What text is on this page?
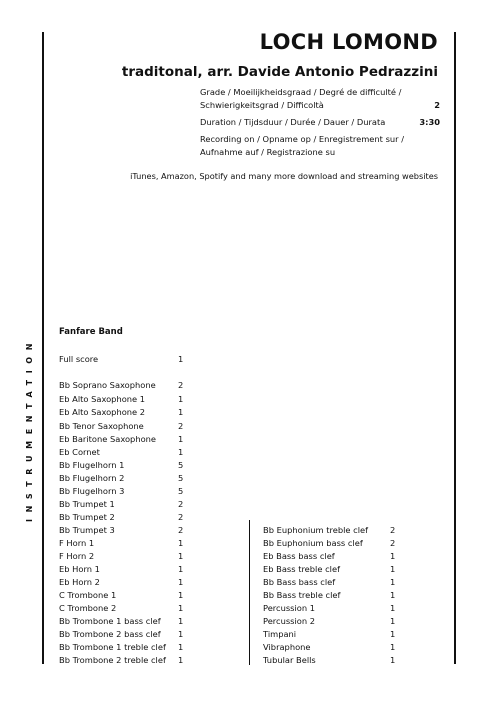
LOCH LOMOND
traditonal, arr. Davide Antonio Pedrazzini
Grade / Moeilijkheidsgraad / Degré de difficulté / Schwierigkeitsgrad / Difficoltà	2
Duration / Tijdsduur / Durée / Dauer / Durata	3:30
Recording on / Opname op / Enregistrement sur / Aufnahme auf / Registrazione su
iTunes, Amazon, Spotify and many more download and streaming websites
INSTRUMENTATION
Fanfare Band
Full score	1
Bb Soprano Saxophone	2
Eb Alto Saxophone 1	1
Eb Alto Saxophone 2	1
Bb Tenor Saxophone	2
Eb Baritone Saxophone	1
Eb Cornet	1
Bb Flugelhorn 1	5
Bb Flugelhorn 2	5
Bb Flugelhorn 3	5
Bb Trumpet 1	2
Bb Trumpet 2	2
Bb Trumpet 3	2
F Horn 1	1
F Horn 2	1
Eb Horn 1	1
Eb Horn 2	1
C Trombone 1	1
C Trombone 2	1
Bb Trombone 1 bass clef 1
Bb Trombone 2 bass clef 1
Bb Trombone 1 treble clef 1
Bb Trombone 2 treble clef 1
Bb Euphonium treble clef	2
Bb Euphonium bass clef	2
Eb Bass bass clef	1
Eb Bass treble clef	1
Bb Bass bass clef	1
Bb Bass treble clef	1
Percussion 1	1
Percussion 2	1
Timpani	1
Vibraphone	1
Tubular Bells	1
